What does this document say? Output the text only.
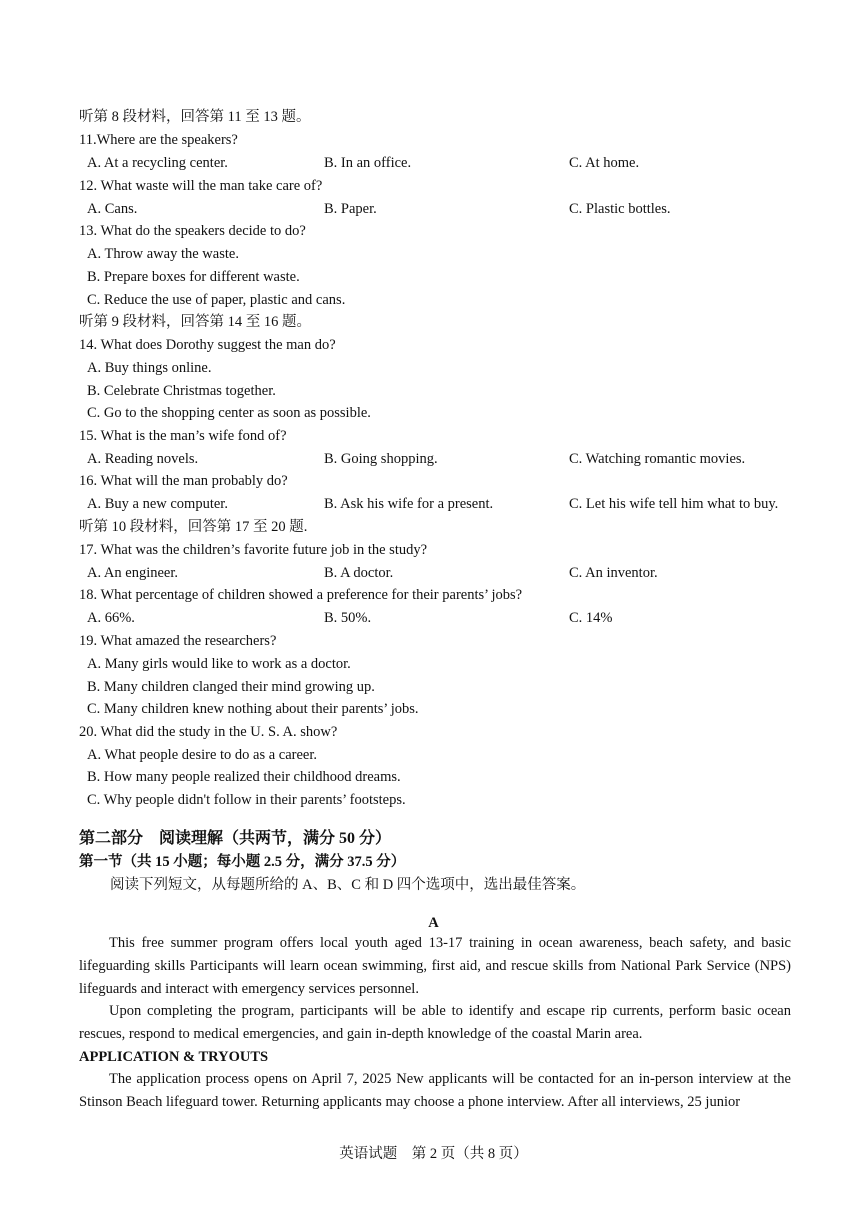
听第 8 段材料，回答第 11 至 13 题。
11.Where are the speakers?
A. At a recycling center.	B. In an office.	C. At home.
12. What waste will the man take care of?
A. Cans.	B. Paper.	C. Plastic bottles.
13. What do the speakers decide to do?
A. Throw away the waste.
B. Prepare boxes for different waste.
C. Reduce the use of paper, plastic and cans.
听第 9 段材料，回答第 14 至 16 题。
14. What does Dorothy suggest the man do?
A. Buy things online.
B. Celebrate Christmas together.
C. Go to the shopping center as soon as possible.
15. What is the man’s wife fond of?
A. Reading novels.	B. Going shopping.	C. Watching romantic movies.
16. What will the man probably do?
A. Buy a new computer.	B. Ask his wife for a present.	C. Let his wife tell him what to buy.
听第 10 段材料，回答第 17 至 20 题.
17. What was the children’s favorite future job in the study?
A. An engineer.	B. A doctor.	C. An inventor.
18. What percentage of children showed a preference for their parents’ jobs?
A. 66%.	B. 50%.	C. 14%
19. What amazed the researchers?
A. Many girls would like to work as a doctor.
B. Many children clanged their mind growing up.
C. Many children knew nothing about their parents’ jobs.
20. What did the study in the U. S. A. show?
A. What people desire to do as a career.
B. How many people realized their childhood dreams.
C. Why people didn't follow in their parents’ footsteps.
第二部分　阅读理解（共两节，满分 50 分）
第一节（共 15 小题；每小题 2.5 分，满分 37.5 分）
阅读下列短文，从每题所给的 A、B、C 和 D 四个选项中，选出最佳答案。
A
This free summer program offers local youth aged 13-17 training in ocean awareness, beach safety, and basic lifeguarding skills Participants will learn ocean swimming, first aid, and rescue skills from National Park Service (NPS) lifeguards and interact with emergency services personnel.
Upon completing the program, participants will be able to identify and escape rip currents, perform basic ocean rescues, respond to medical emergencies, and gain in-depth knowledge of the coastal Marin area.
APPLICATION & TRYOUTS
The application process opens on April 7, 2025 New applicants will be contacted for an in-person interview at the Stinson Beach lifeguard tower. Returning applicants may choose a phone interview. After all interviews, 25 junior
英语试题　第 2 页（共 8 页）
